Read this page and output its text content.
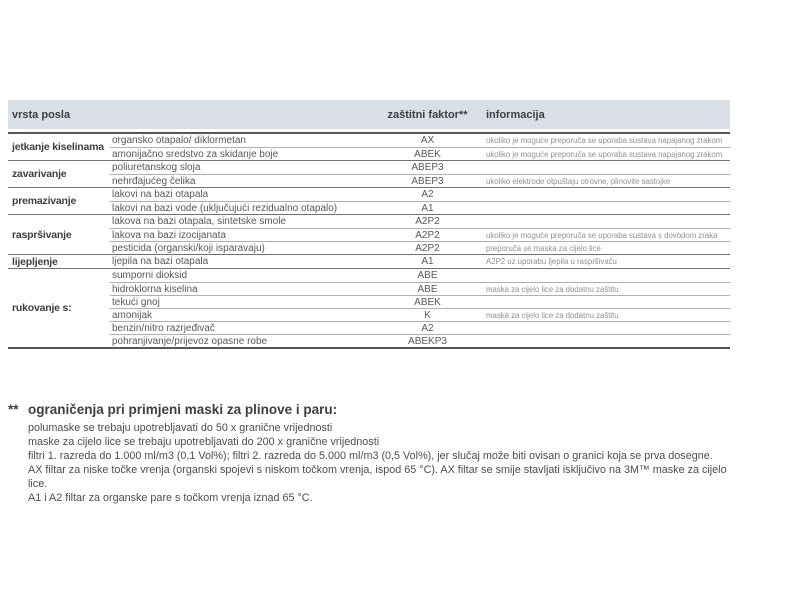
vrsta posla	zaštitni faktor**	informacija
jetkanje kiselinama
organsko otapalo/ diklormetan	AX	ukoliko je moguće preporuča se uporaba sustava napajanog zrakom
amonijačno sredstvo za skidanje boje	ABEK	ukoliko je moguće preporuča se uporaba sustava napajanog zrakom
zavarivanje
poliuretanskog sloja	ABEP3
nehrđajućeg čelika	ABEP3	ukoliko elektrode otpuštaju otrovne, plinovite sastojke
premazivanje
lakovi na bazi otapala	A2
lakovi na bazi vode (uključujući rezidualno otapalo)	A1
raspršivanje
lakova na bazi otapala, sintetske smole	A2P2
lakova na bazi izocijanata	A2P2	ukoliko je moguće preporuča se uporaba sustava s dovodom zraka
pesticida (organski/koji isparavaju)	A2P2	preporuča se maska za cijelo lice
lijepljenje	ljepila na bazi otapala	A1	A2P2 uz uporabu ljepila u raspršivaču
rukovanje s:
sumporni dioksid	ABE
hidroklorna kiselina	ABE	maska za cijelo lice za dodatnu zaštitu
tekući gnoj	ABEK
amonijak	K	maska za cijelo lice za dodatnu zaštitu
benzin/nitro razrjeđivač	A2
pohranjivanje/prijevoz opasne robe	ABEKP3
** ograničenja pri primjeni maski za plinove i paru:
polumaske se trebaju upotrebljavati do 50 x granične vrijednosti
maske za cijelo lice se trebaju upotrebljavati do 200 x granične vrijednosti
filtri 1. razreda do 1.000 ml/m3 (0,1 Vol%); filtri 2. razreda do 5.000 ml/m3 (0,5 Vol%), jer slučaj može biti ovisan o granici koja se prva dosegne.
AX filtar za niske točke vrenja (organski spojevi s niskom točkom vrenja, ispod 65 °C). AX filtar se smije stavljati isključivo na 3M™ maske za cijelo
lice.
A1 i A2 filtar za organske pare s točkom vrenja iznad 65 °C.
